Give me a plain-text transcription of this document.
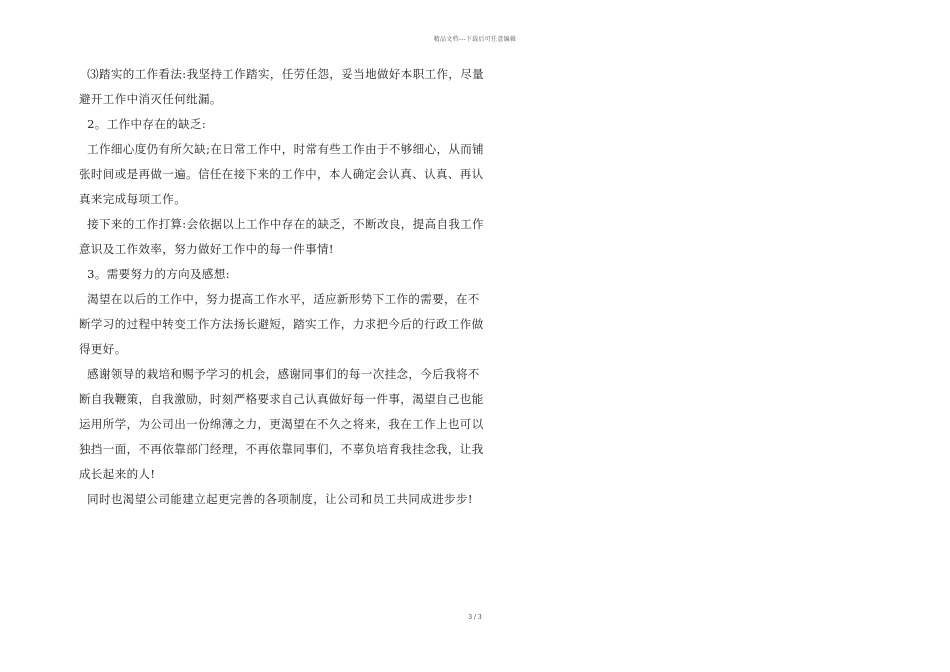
精品文档---下载后可任意编辑
⑶踏实的工作看法:我坚持工作踏实，任劳任怨，妥当地做好本职工作，尽量
避开工作中消灭任何纰漏。
2。工作中存在的缺乏:
工作细心度仍有所欠缺;在日常工作中，时常有些工作由于不够细心，从而铺
张时间或是再做一遍。信任在接下来的工作中，本人确定会认真、认真、再认
真来完成每项工作。
接下来的工作打算:会依据以上工作中存在的缺乏，不断改良，提高自我工作
意识及工作效率，努力做好工作中的每一件事情!
3。需要努力的方向及感想:
渴望在以后的工作中，努力提高工作水平，适应新形势下工作的需要，在不
断学习的过程中转变工作方法扬长避短，踏实工作，力求把今后的行政工作做
得更好。
感谢领导的栽培和赐予学习的机会，感谢同事们的每一次挂念，今后我将不
断自我鞭策，自我激励，时刻严格要求自己认真做好每一件事，渴望自己也能
运用所学，为公司出一份绵薄之力，更渴望在不久之将来，我在工作上也可以
独挡一面，不再依靠部门经理，不再依靠同事们，不辜负培育我挂念我，让我
成长起来的人!
同时也渴望公司能建立起更完善的各项制度，让公司和员工共同成进步步!
3 / 3
